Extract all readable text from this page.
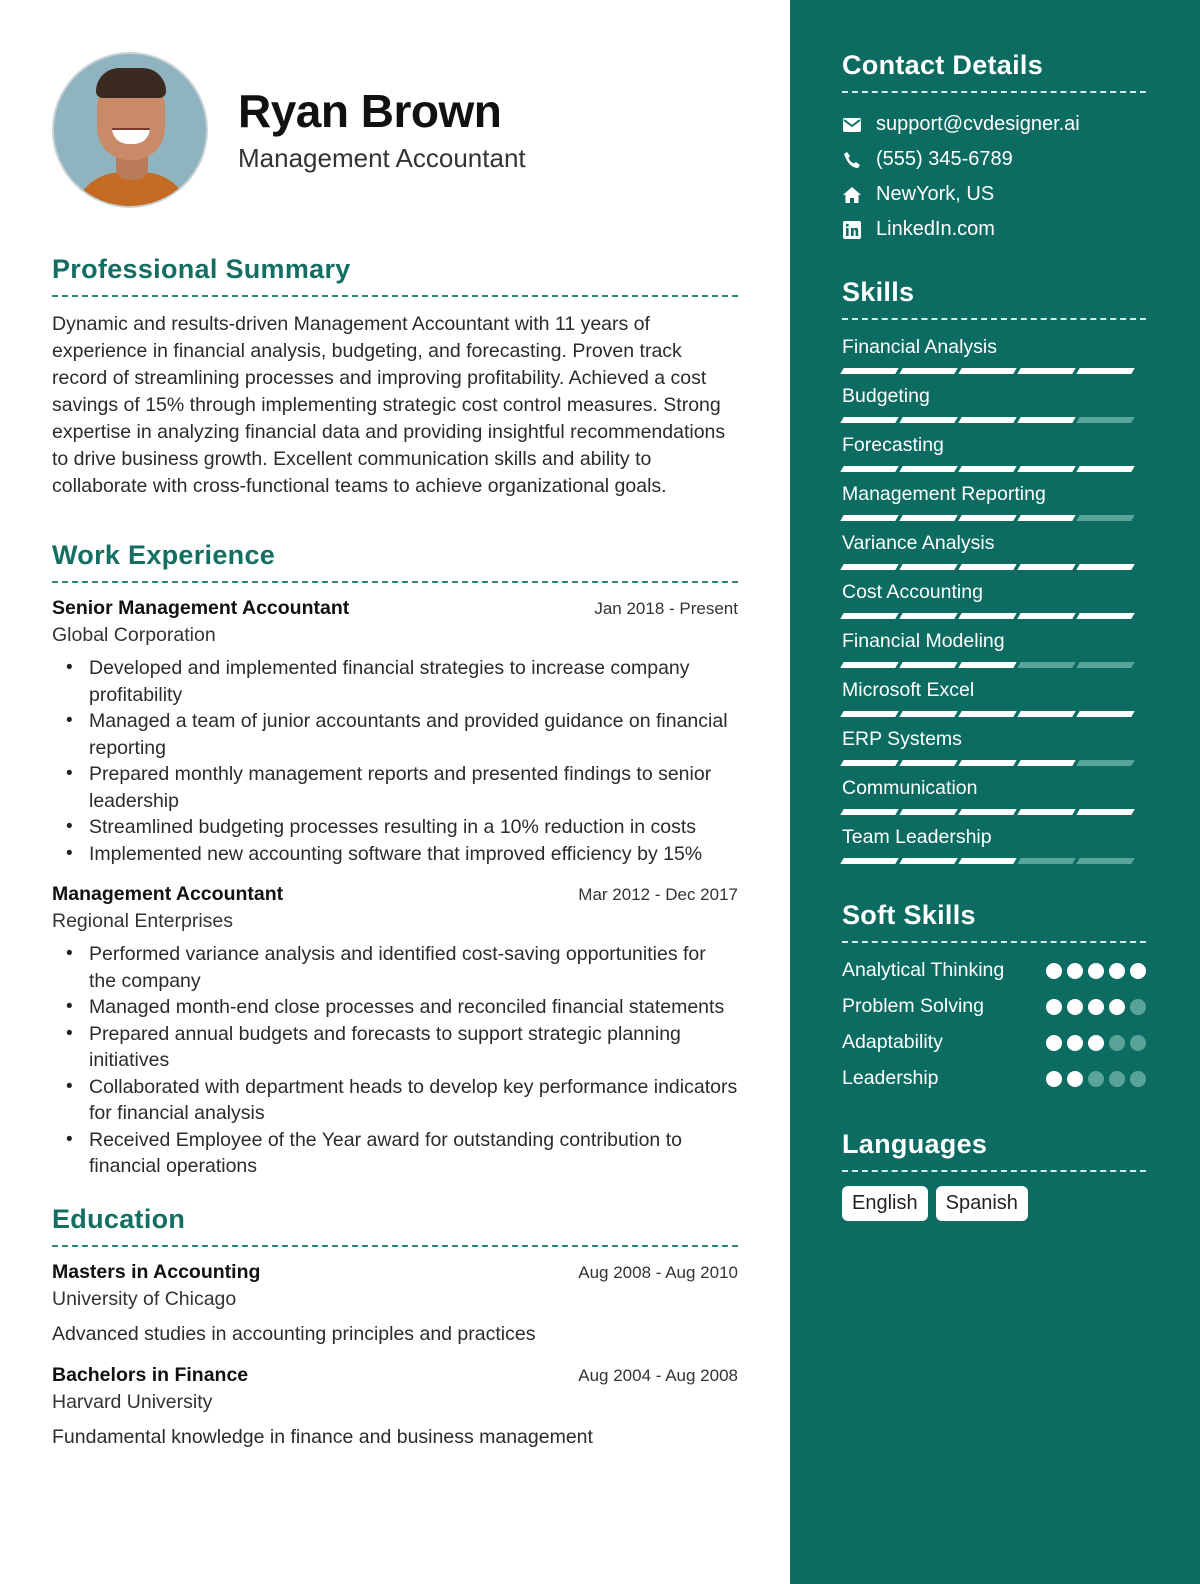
Ryan Brown
Management Accountant
Professional Summary

Dynamic and results-driven Management Accountant with 11 years of experience in financial analysis, budgeting, and forecasting. Proven track record of streamlining processes and improving profitability. Achieved a cost savings of 15% through implementing strategic cost control measures. Strong expertise in analyzing financial data and providing insightful recommendations to drive business growth. Excellent communication skills and ability to collaborate with cross-functional teams to achieve organizational goals.

Work Experience
Senior Management Accountant	Jan 2018 - Present
Global Corporation
• Developed and implemented financial strategies to increase company profitability
• Managed a team of junior accountants and provided guidance on financial reporting
• Prepared monthly management reports and presented findings to senior leadership
• Streamlined budgeting processes resulting in a 10% reduction in costs
• Implemented new accounting software that improved efficiency by 15%
Management Accountant	Mar 2012 - Dec 2017
Regional Enterprises
• Performed variance analysis and identified cost-saving opportunities for the company
• Managed month-end close processes and reconciled financial statements
• Prepared annual budgets and forecasts to support strategic planning initiatives
• Collaborated with department heads to develop key performance indicators for financial analysis
• Received Employee of the Year award for outstanding contribution to financial operations
Education
Masters in Accounting	Aug 2008 - Aug 2010
University of Chicago
Advanced studies in accounting principles and practices
Bachelors in Finance	Aug 2004 - Aug 2008
Harvard University
Fundamental knowledge in finance and business management
Contact Details
support@cvdesigner.ai
(555) 345-6789
NewYork, US
LinkedIn.com
Skills
Financial Analysis
Budgeting
Forecasting
Management Reporting
Variance Analysis
Cost Accounting
Financial Modeling
Microsoft Excel
ERP Systems
Communication
Team Leadership
Soft Skills
Analytical Thinking
Problem Solving
Adaptability
Leadership
Languages
English	Spanish
